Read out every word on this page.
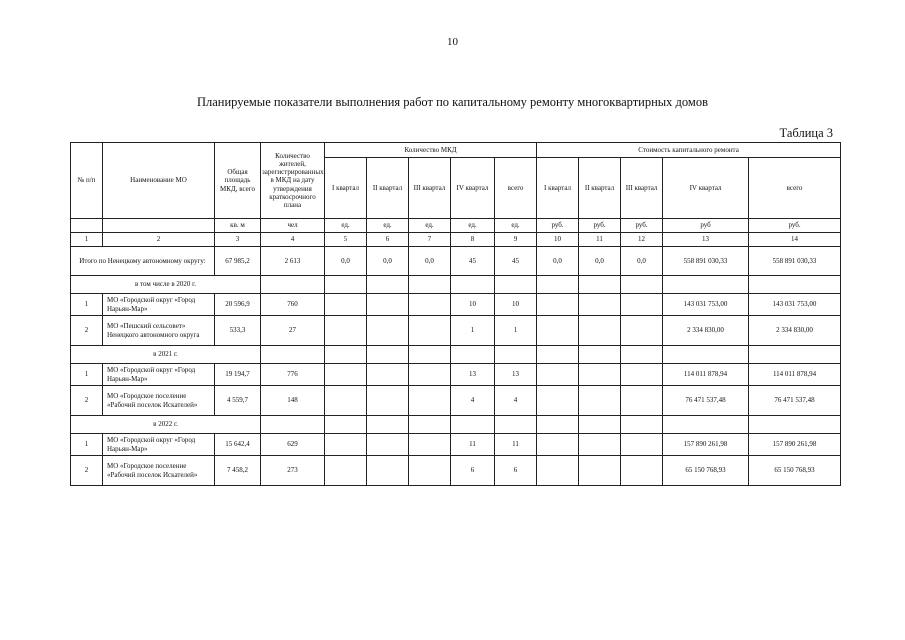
10
Планируемые показатели выполнения работ по капитальному ремонту многоквартирных домов
Таблица 3
№ п/п	Наименование МО	Общая площадь МКД, всего	Количество жителей, зарегистрированных в МКД на дату утверждения краткосрочного плана	Количество МКД					Стоимость капитального ремонта				
				I квартал	II квартал	III квартал	IV квартал	всего	I квартал	II квартал	III квартал	IV квартал	всего
		кв. м	чел	ед.	ед.	ед.	ед.	ед.	руб.	руб.	руб.	руб	руб.
1	2	3	4	5	6	7	8	9	10	11	12	13	14
Итого по Ненецкому автономному округу:		67 985,2	2 613	0,0	0,0	0,0	45	45	0,0	0,0	0,0	558 891 030,33	558 891 030,33
в том числе в 2020 г.													
1	МО «Городской округ «Город Нарьян-Мар»	20 596,9	760				10	10				143 031 753,00	143 031 753,00
2	МО «Пешский сельсовет» Ненецкого автономного округа	533,3	27				1	1				2 334 830,00	2 334 830,00
в 2021 г.													
1	МО «Городской округ «Город Нарьян-Мар»	19 194,7	776				13	13				114 011 878,94	114 011 878,94
2	МО «Городское поселение «Рабочий поселок Искателей»	4 559,7	148				4	4				76 471 537,48	76 471 537,48
в 2022 г.													
1	МО «Городской округ «Город Нарьян-Мар»	15 642,4	629				11	11				157 890 261,98	157 890 261,98
2	МО «Городское поселение «Рабочий поселок Искателей»	7 458,2	273				6	6				65 150 768,93	65 150 768,93
